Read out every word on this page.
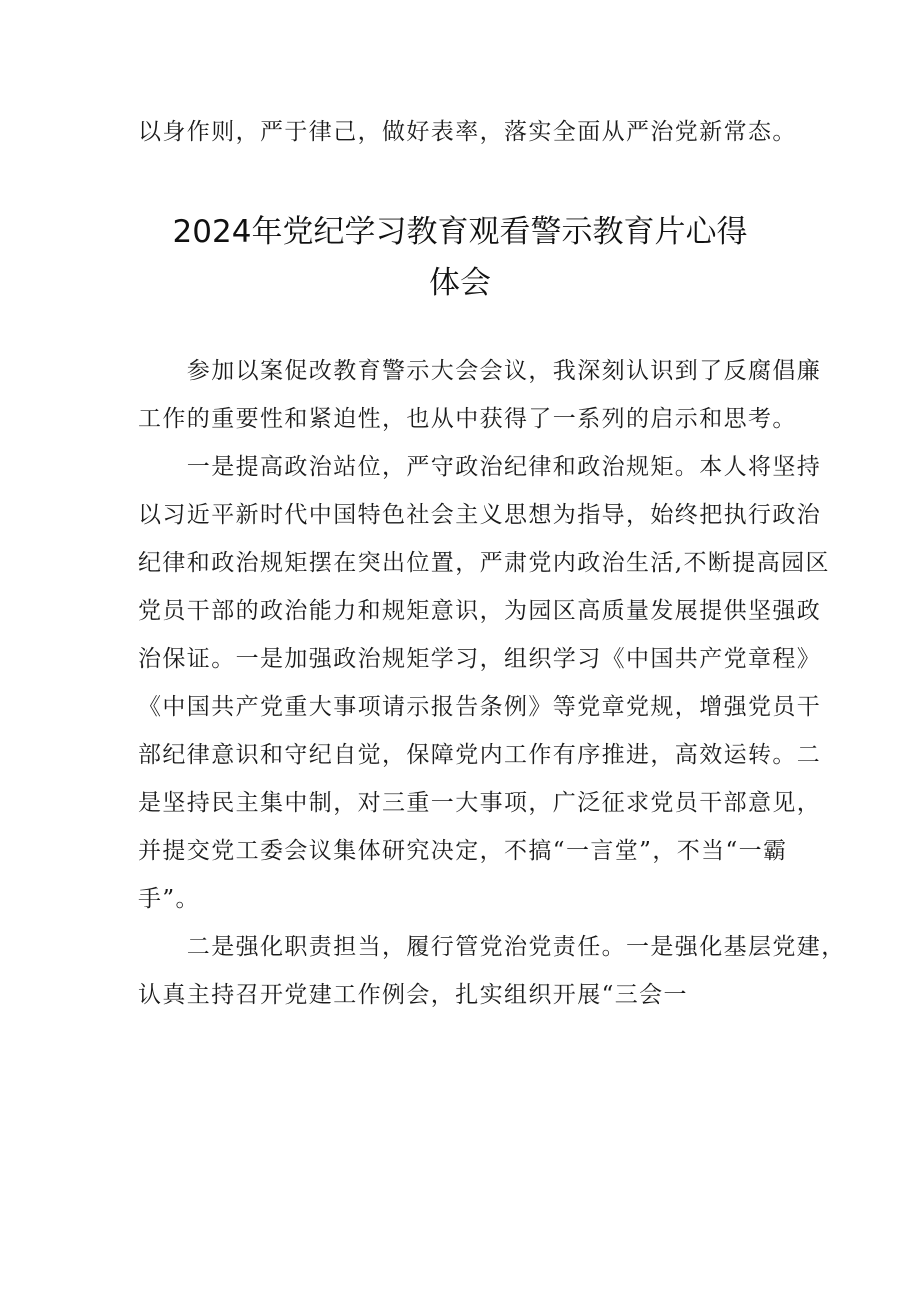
以身作则，严于律己，做好表率，落实全面从严治党新常态。
2024年党纪学习教育观看警示教育片心得
体会
　　参加以案促改教育警示大会会议，我深刻认识到了反腐倡廉
工作的重要性和紧迫性，也从中获得了一系列的启示和思考。
　　一是提高政治站位，严守政治纪律和政治规矩。本人将坚持
以习近平新时代中国特色社会主义思想为指导，始终把执行政治
纪律和政治规矩摆在突出位置，严肃党内政治生活,不断提高园区
党员干部的政治能力和规矩意识，为园区高质量发展提供坚强政
治保证。一是加强政治规矩学习，组织学习《中国共产党章程》
《中国共产党重大事项请示报告条例》等党章党规，增强党员干
部纪律意识和守纪自觉，保障党内工作有序推进，高效运转。二
是坚持民主集中制，对三重一大事项，广泛征求党员干部意见，
并提交党工委会议集体研究决定，不搞“一言堂”，不当“一霸
手”。
　　二是强化职责担当，履行管党治党责任。一是强化基层党建，
认真主持召开党建工作例会，扎实组织开展“三会一
